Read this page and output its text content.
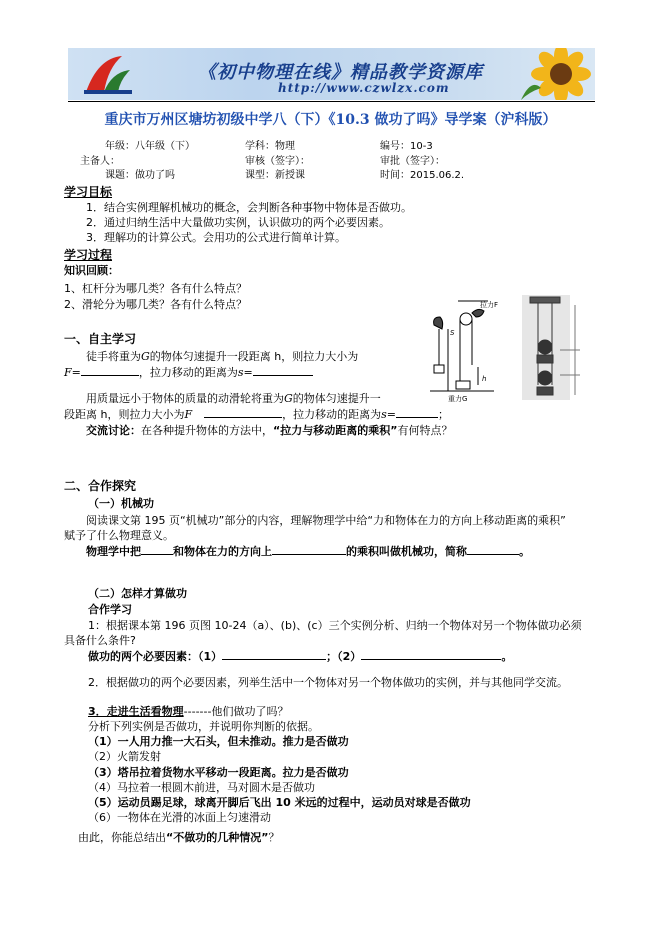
《初中物理在线》精品教学资源库
http://www.czwlzx.com
重庆市万州区塘坊初级中学八（下）《10.3 做功了吗》导学案（沪科版）
年级：八年级（下）	学科：物理	编号：10-3
主备人：	审核（签字）：	审批（签字）：
课题：做功了吗	课型：新授课	时间：2015.06.2.
学习目标
1．结合实例理解机械功的概念，会判断各种事物中物体是否做功。
2．通过归纳生活中大量做功实例，认识做功的两个必要因素。
3．理解功的计算公式。会用功的公式进行简单计算。
学习过程
知识回顾：
1、杠杆分为哪几类？各有什么特点？
2、滑轮分为哪几类？各有什么特点？
S
拉力F
h
重力G
一、自主学习
徒手将重为G的物体匀速提升一段距离 h，则拉力大小为
F=	，拉力移动的距离为s=
用质量远小于物体的质量的动滑轮将重为G的物体匀速提升一
段距离 h，则拉力大小为F	，拉力移动的距离为s=	；
交流讨论：在各种提升物体的方法中，“拉力与移动距离的乘积”有何特点？
二、合作探究
（一）机械功
阅读课文第 195 页“机械功”部分的内容，理解物理学中给“力和物体在力的方向上移动距离的乘积”
赋予了什么物理意义。
物理学中把	和物体在力的方向上	的乘积叫做机械功，简称	。
（二）怎样才算做功
合作学习
1：根据课本第 196 页图 10-24（a）、(b)、(c）三个实例分析、归纳一个物体对另一个物体做功必须
具备什么条件?
做功的两个必要因素：（1）	；（2）	。
2．根据做功的两个必要因素，列举生活中一个物体对另一个物体做功的实例，并与其他同学交流。
3．走进生活看物理-------他们做功了吗？
分析下列实例是否做功，并说明你判断的依据。
（1）一人用力推一大石头，但未推动。推力是否做功
（2）火箭发射
（3）塔吊拉着货物水平移动一段距离。拉力是否做功
（4）马拉着一根圆木前进，马对圆木是否做功
（5）运动员踢足球，球离开脚后飞出 10 米远的过程中，运动员对球是否做功
（6）一物体在光滑的冰面上匀速滑动
由此，你能总结出“不做功的几种情况”？
